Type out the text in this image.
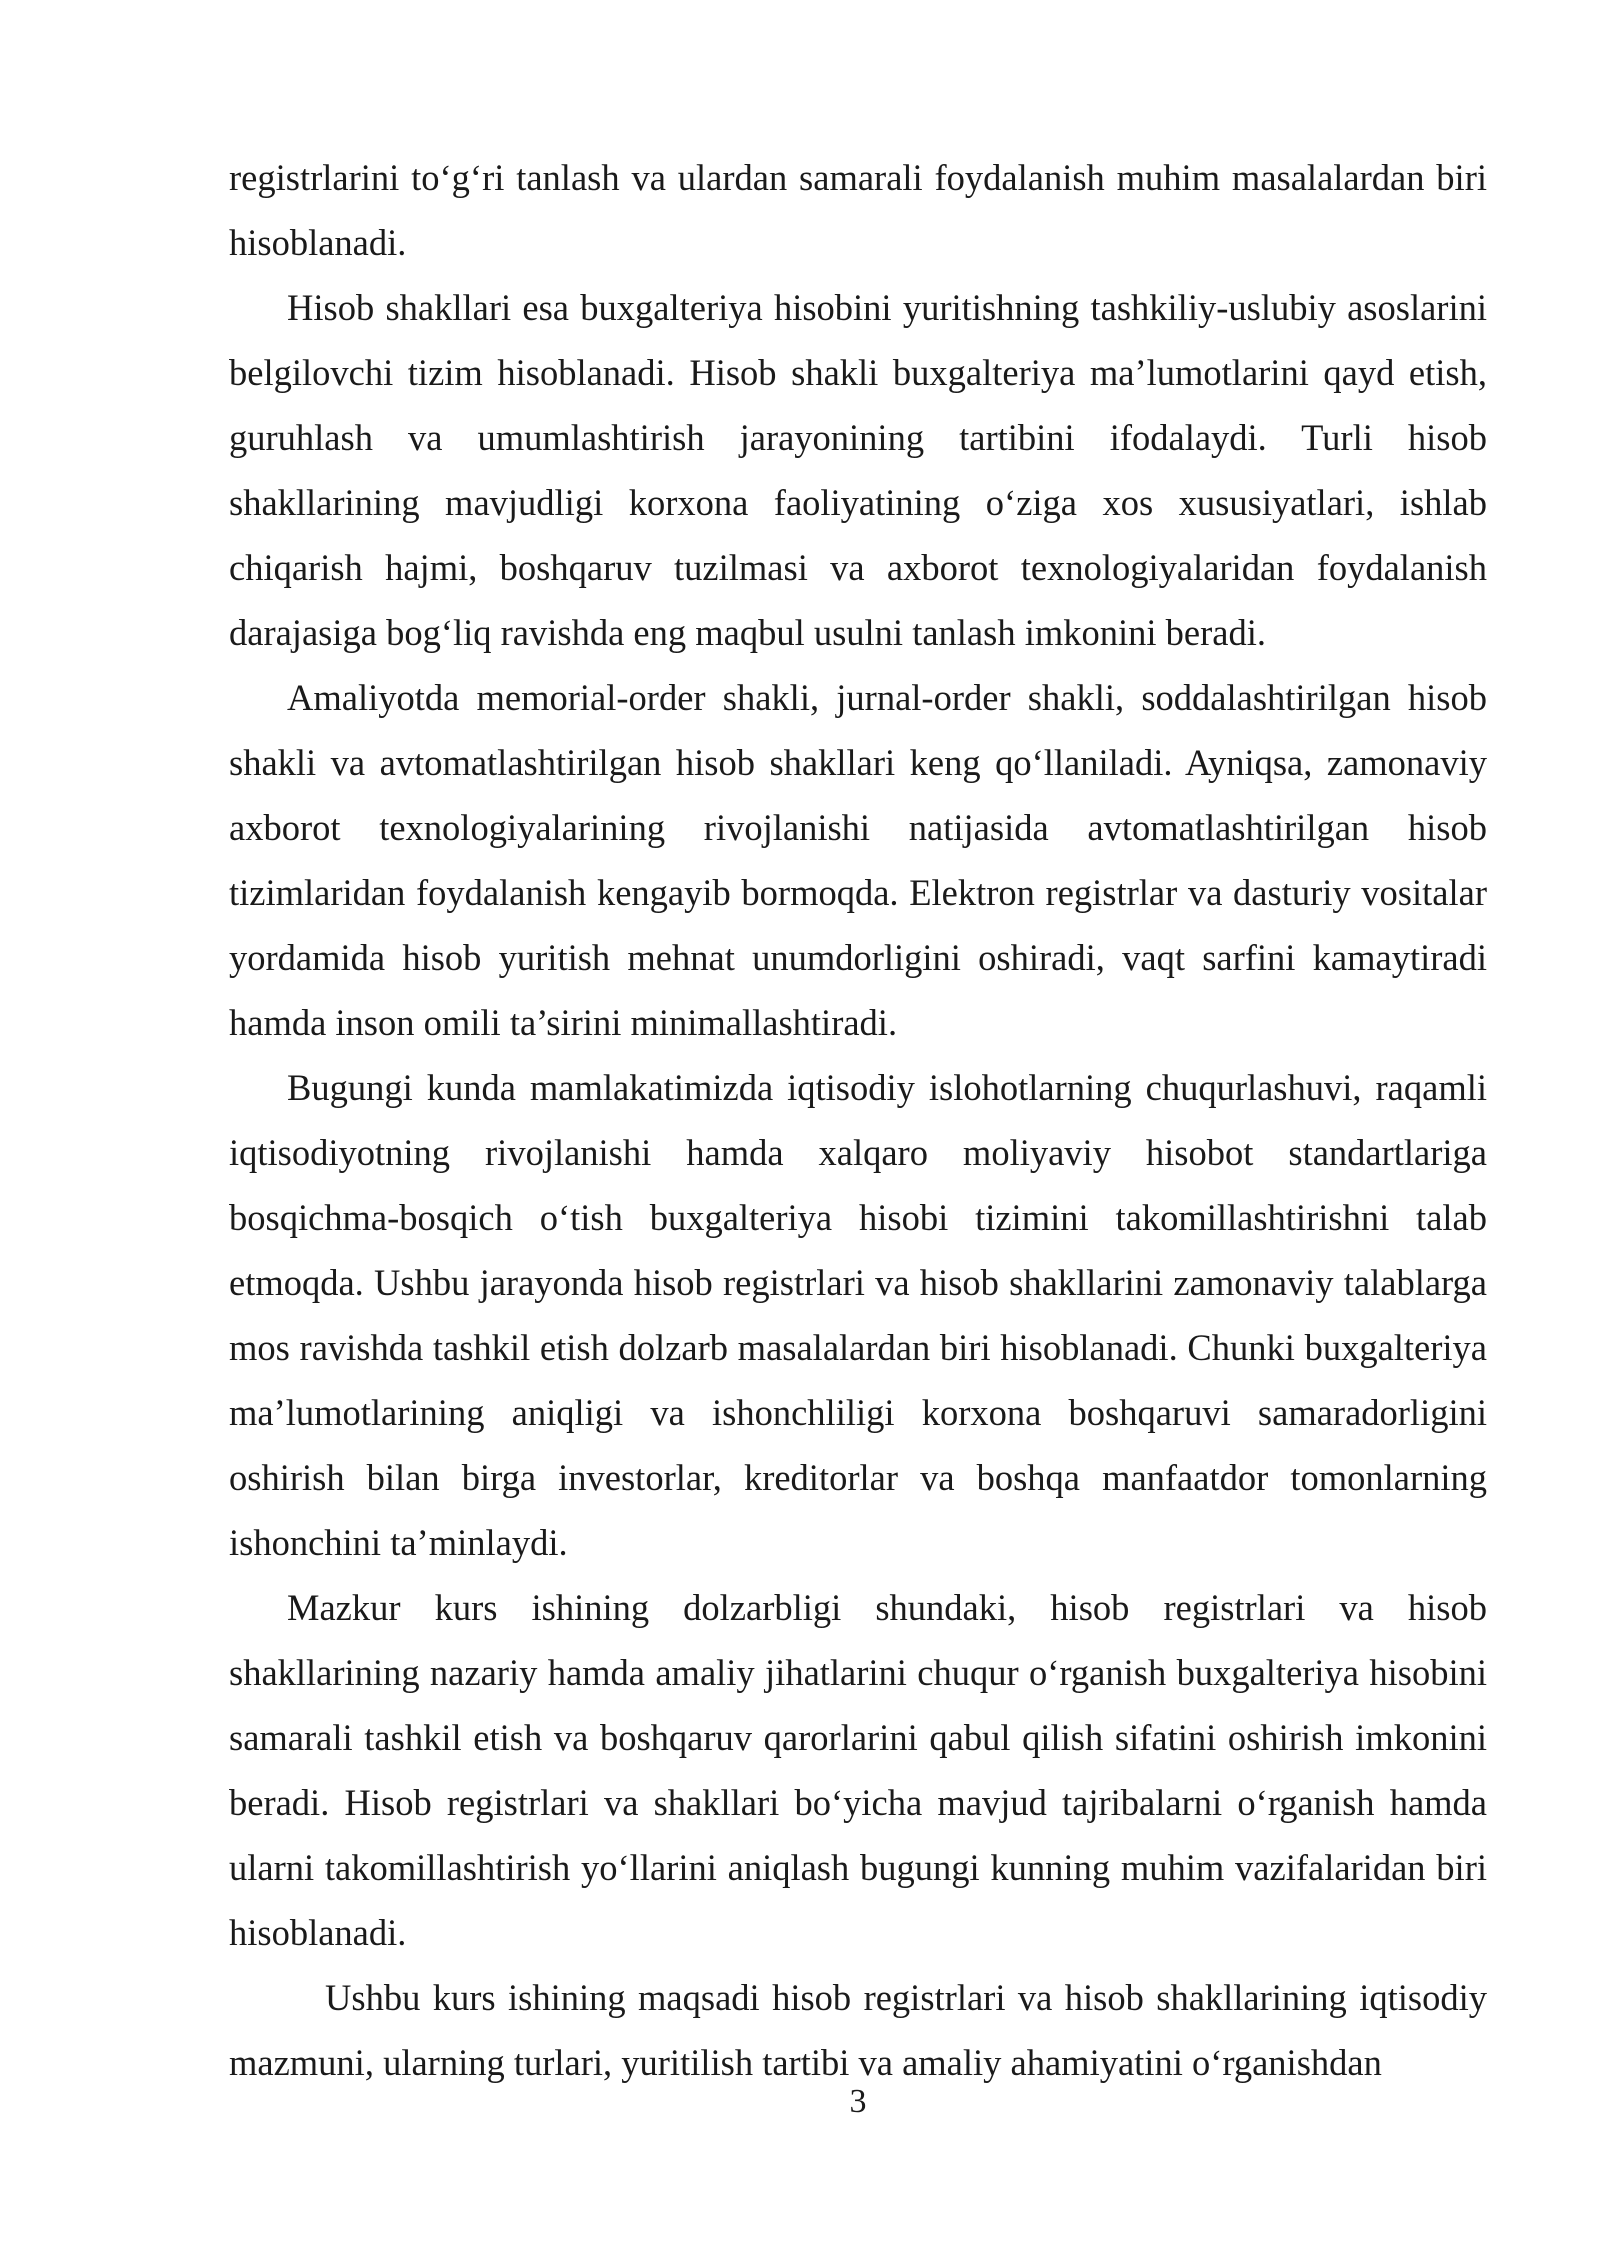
registrlarini to‘g‘ri tanlash va ulardan samarali foydalanish muhim masalalardan biri hisoblanadi.

Hisob shakllari esa buxgalteriya hisobini yuritishning tashkiliy-uslubiy asoslarini belgilovchi tizim hisoblanadi. Hisob shakli buxgalteriya ma’lumotlarini qayd etish, guruhlash va umumlashtirish jarayonining tartibini ifodalaydi. Turli hisob shakllarining mavjudligi korxona faoliyatining o‘ziga xos xususiyatlari, ishlab chiqarish hajmi, boshqaruv tuzilmasi va axborot texnologiyalaridan foydalanish darajasiga bog‘liq ravishda eng maqbul usulni tanlash imkonini beradi.

Amaliyotda memorial-order shakli, jurnal-order shakli, soddalashtirilgan hisob shakli va avtomatlashtirilgan hisob shakllari keng qo‘llaniladi. Ayniqsa, zamonaviy axborot texnologiyalarining rivojlanishi natijasida avtomatlashtirilgan hisob tizimlaridan foydalanish kengayib bormoqda. Elektron registrlar va dasturiy vositalar yordamida hisob yuritish mehnat unumdorligini oshiradi, vaqt sarfini kamaytiradi hamda inson omili ta’sirini minimallashtiradi.

Bugungi kunda mamlakatimizda iqtisodiy islohotlarning chuqurlashuvi, raqamli iqtisodiyotning rivojlanishi hamda xalqaro moliyaviy hisobot standartlariga bosqichma-bosqich o‘tish buxgalteriya hisobi tizimini takomillashtirishni talab etmoqda. Ushbu jarayonda hisob registrlari va hisob shakllarini zamonaviy talablarga mos ravishda tashkil etish dolzarb masalalardan biri hisoblanadi. Chunki buxgalteriya ma’lumotlarining aniqligi va ishonchliligi korxona boshqaruvi samaradorligini oshirish bilan birga investorlar, kreditorlar va boshqa manfaatdor tomonlarning ishonchini ta’minlaydi.

Mazkur kurs ishining dolzarbligi shundaki, hisob registrlari va hisob shakllarining nazariy hamda amaliy jihatlarini chuqur o‘rganish buxgalteriya hisobini samarali tashkil etish va boshqaruv qarorlarini qabul qilish sifatini oshirish imkonini beradi. Hisob registrlari va shakllari bo‘yicha mavjud tajribalarni o‘rganish hamda ularni takomillashtirish yo‘llarini aniqlash bugungi kunning muhim vazifalaridan biri hisoblanadi.

Ushbu kurs ishining maqsadi hisob registrlari va hisob shakllarining iqtisodiy mazmuni, ularning turlari, yuritilish tartibi va amaliy ahamiyatini o‘rganishdan

3
